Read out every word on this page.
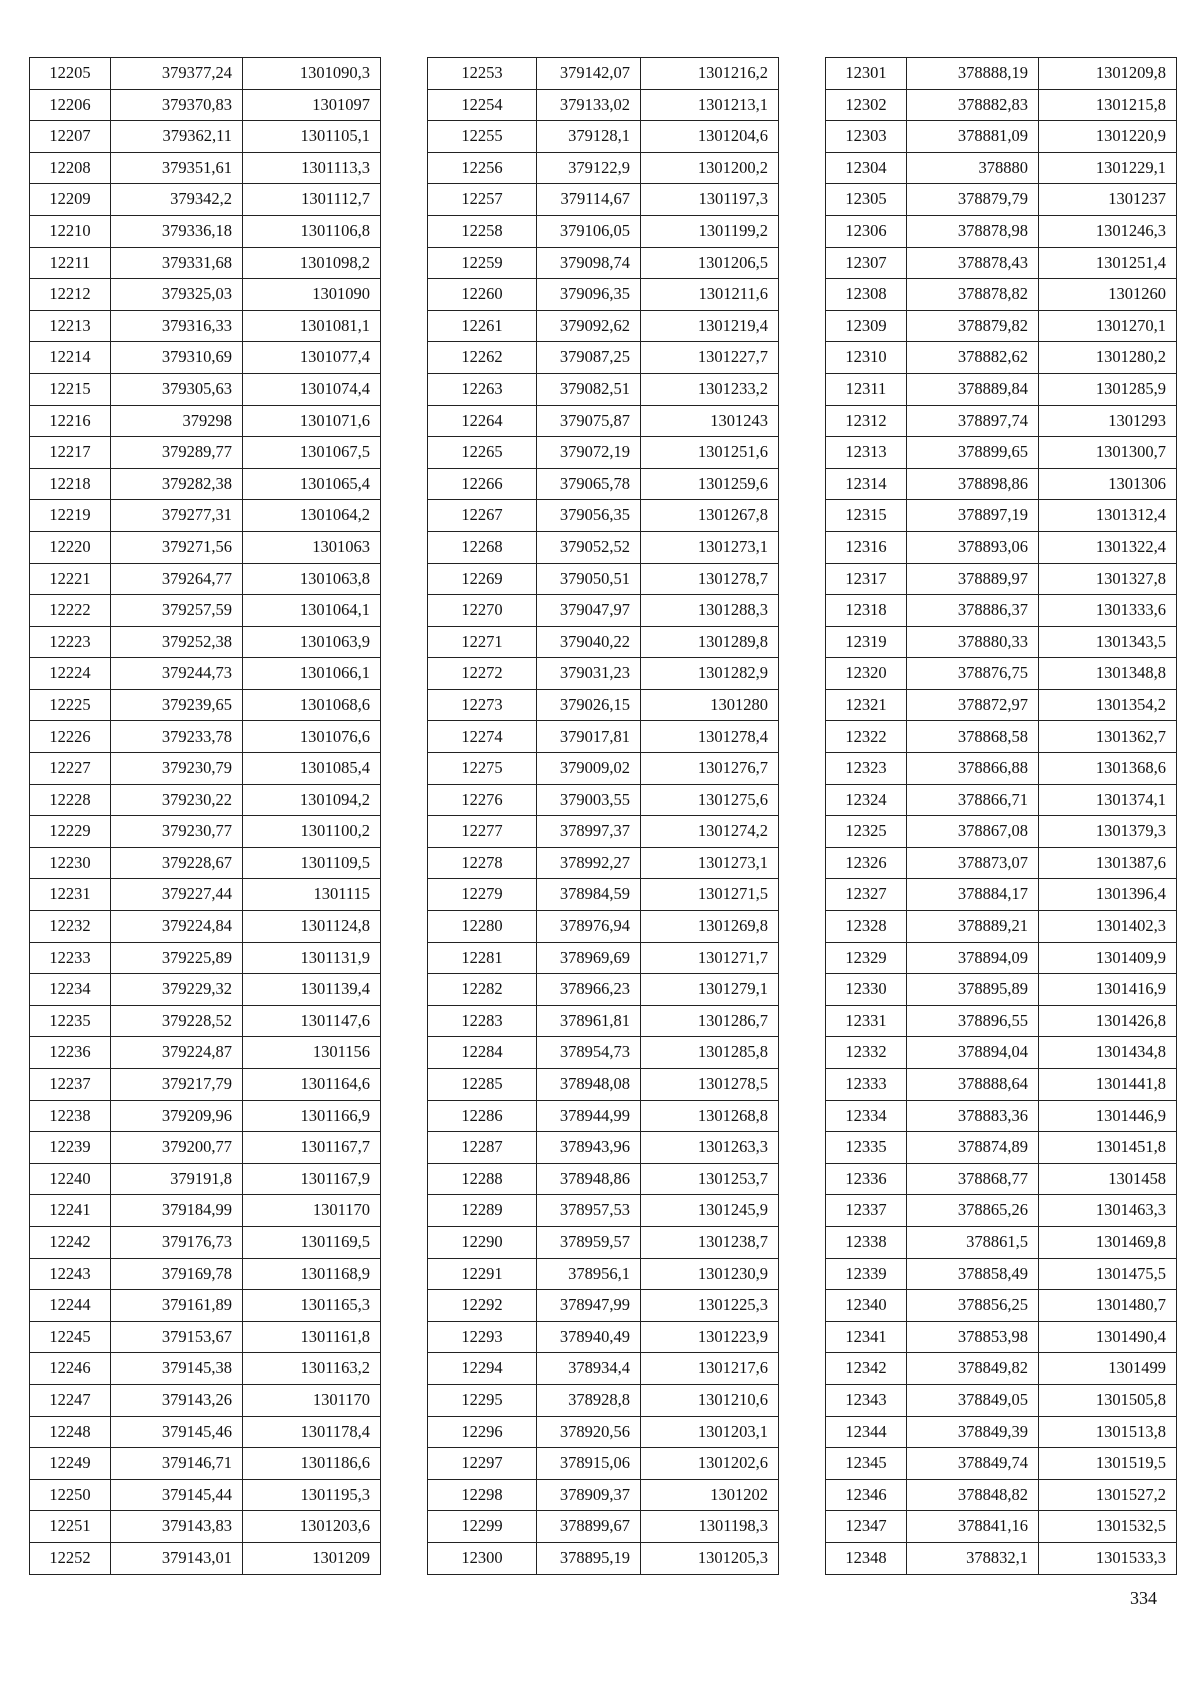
12205	379377,24	1301090,3
12206	379370,83	1301097
12207	379362,11	1301105,1
12208	379351,61	1301113,3
12209	379342,2	1301112,7
12210	379336,18	1301106,8
12211	379331,68	1301098,2
12212	379325,03	1301090
12213	379316,33	1301081,1
12214	379310,69	1301077,4
12215	379305,63	1301074,4
12216	379298	1301071,6
12217	379289,77	1301067,5
12218	379282,38	1301065,4
12219	379277,31	1301064,2
12220	379271,56	1301063
12221	379264,77	1301063,8
12222	379257,59	1301064,1
12223	379252,38	1301063,9
12224	379244,73	1301066,1
12225	379239,65	1301068,6
12226	379233,78	1301076,6
12227	379230,79	1301085,4
12228	379230,22	1301094,2
12229	379230,77	1301100,2
12230	379228,67	1301109,5
12231	379227,44	1301115
12232	379224,84	1301124,8
12233	379225,89	1301131,9
12234	379229,32	1301139,4
12235	379228,52	1301147,6
12236	379224,87	1301156
12237	379217,79	1301164,6
12238	379209,96	1301166,9
12239	379200,77	1301167,7
12240	379191,8	1301167,9
12241	379184,99	1301170
12242	379176,73	1301169,5
12243	379169,78	1301168,9
12244	379161,89	1301165,3
12245	379153,67	1301161,8
12246	379145,38	1301163,2
12247	379143,26	1301170
12248	379145,46	1301178,4
12249	379146,71	1301186,6
12250	379145,44	1301195,3
12251	379143,83	1301203,6
12252	379143,01	1301209
12253	379142,07	1301216,2
12254	379133,02	1301213,1
12255	379128,1	1301204,6
12256	379122,9	1301200,2
12257	379114,67	1301197,3
12258	379106,05	1301199,2
12259	379098,74	1301206,5
12260	379096,35	1301211,6
12261	379092,62	1301219,4
12262	379087,25	1301227,7
12263	379082,51	1301233,2
12264	379075,87	1301243
12265	379072,19	1301251,6
12266	379065,78	1301259,6
12267	379056,35	1301267,8
12268	379052,52	1301273,1
12269	379050,51	1301278,7
12270	379047,97	1301288,3
12271	379040,22	1301289,8
12272	379031,23	1301282,9
12273	379026,15	1301280
12274	379017,81	1301278,4
12275	379009,02	1301276,7
12276	379003,55	1301275,6
12277	378997,37	1301274,2
12278	378992,27	1301273,1
12279	378984,59	1301271,5
12280	378976,94	1301269,8
12281	378969,69	1301271,7
12282	378966,23	1301279,1
12283	378961,81	1301286,7
12284	378954,73	1301285,8
12285	378948,08	1301278,5
12286	378944,99	1301268,8
12287	378943,96	1301263,3
12288	378948,86	1301253,7
12289	378957,53	1301245,9
12290	378959,57	1301238,7
12291	378956,1	1301230,9
12292	378947,99	1301225,3
12293	378940,49	1301223,9
12294	378934,4	1301217,6
12295	378928,8	1301210,6
12296	378920,56	1301203,1
12297	378915,06	1301202,6
12298	378909,37	1301202
12299	378899,67	1301198,3
12300	378895,19	1301205,3
12301	378888,19	1301209,8
12302	378882,83	1301215,8
12303	378881,09	1301220,9
12304	378880	1301229,1
12305	378879,79	1301237
12306	378878,98	1301246,3
12307	378878,43	1301251,4
12308	378878,82	1301260
12309	378879,82	1301270,1
12310	378882,62	1301280,2
12311	378889,84	1301285,9
12312	378897,74	1301293
12313	378899,65	1301300,7
12314	378898,86	1301306
12315	378897,19	1301312,4
12316	378893,06	1301322,4
12317	378889,97	1301327,8
12318	378886,37	1301333,6
12319	378880,33	1301343,5
12320	378876,75	1301348,8
12321	378872,97	1301354,2
12322	378868,58	1301362,7
12323	378866,88	1301368,6
12324	378866,71	1301374,1
12325	378867,08	1301379,3
12326	378873,07	1301387,6
12327	378884,17	1301396,4
12328	378889,21	1301402,3
12329	378894,09	1301409,9
12330	378895,89	1301416,9
12331	378896,55	1301426,8
12332	378894,04	1301434,8
12333	378888,64	1301441,8
12334	378883,36	1301446,9
12335	378874,89	1301451,8
12336	378868,77	1301458
12337	378865,26	1301463,3
12338	378861,5	1301469,8
12339	378858,49	1301475,5
12340	378856,25	1301480,7
12341	378853,98	1301490,4
12342	378849,82	1301499
12343	378849,05	1301505,8
12344	378849,39	1301513,8
12345	378849,74	1301519,5
12346	378848,82	1301527,2
12347	378841,16	1301532,5
12348	378832,1	1301533,3
334
